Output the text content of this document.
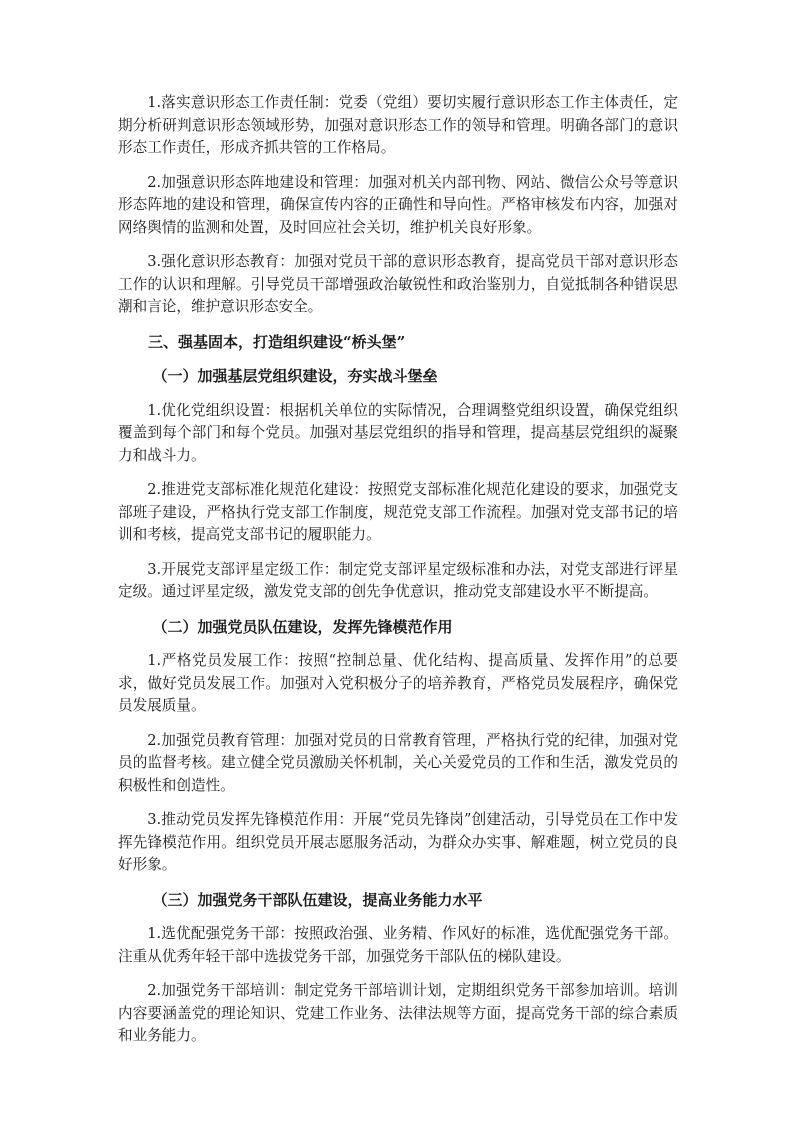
1.落实意识形态工作责任制：党委（党组）要切实履行意识形态工作主体责任，定期分析研判意识形态领域形势，加强对意识形态工作的领导和管理。明确各部门的意识形态工作责任，形成齐抓共管的工作格局。

2.加强意识形态阵地建设和管理：加强对机关内部刊物、网站、微信公众号等意识形态阵地的建设和管理，确保宣传内容的正确性和导向性。严格审核发布内容，加强对网络舆情的监测和处置，及时回应社会关切，维护机关良好形象。

3.强化意识形态教育：加强对党员干部的意识形态教育，提高党员干部对意识形态工作的认识和理解。引导党员干部增强政治敏锐性和政治鉴别力，自觉抵制各种错误思潮和言论，维护意识形态安全。

三、强基固本，打造组织建设“桥头堡”

（一）加强基层党组织建设，夯实战斗堡垒

1.优化党组织设置：根据机关单位的实际情况，合理调整党组织设置，确保党组织覆盖到每个部门和每个党员。加强对基层党组织的指导和管理，提高基层党组织的凝聚力和战斗力。

2.推进党支部标准化规范化建设：按照党支部标准化规范化建设的要求，加强党支部班子建设，严格执行党支部工作制度，规范党支部工作流程。加强对党支部书记的培训和考核，提高党支部书记的履职能力。

3.开展党支部评星定级工作：制定党支部评星定级标准和办法，对党支部进行评星定级。通过评星定级，激发党支部的创先争优意识，推动党支部建设水平不断提高。

（二）加强党员队伍建设，发挥先锋模范作用

1.严格党员发展工作：按照“控制总量、优化结构、提高质量、发挥作用”的总要求，做好党员发展工作。加强对入党积极分子的培养教育，严格党员发展程序，确保党员发展质量。

2.加强党员教育管理：加强对党员的日常教育管理，严格执行党的纪律，加强对党员的监督考核。建立健全党员激励关怀机制，关心关爱党员的工作和生活，激发党员的积极性和创造性。

3.推动党员发挥先锋模范作用：开展“党员先锋岗”创建活动，引导党员在工作中发挥先锋模范作用。组织党员开展志愿服务活动，为群众办实事、解难题，树立党员的良好形象。

（三）加强党务干部队伍建设，提高业务能力水平

1.选优配强党务干部：按照政治强、业务精、作风好的标准，选优配强党务干部。注重从优秀年轻干部中选拔党务干部，加强党务干部队伍的梯队建设。

2.加强党务干部培训：制定党务干部培训计划，定期组织党务干部参加培训。培训内容要涵盖党的理论知识、党建工作业务、法律法规等方面，提高党务干部的综合素质和业务能力。
